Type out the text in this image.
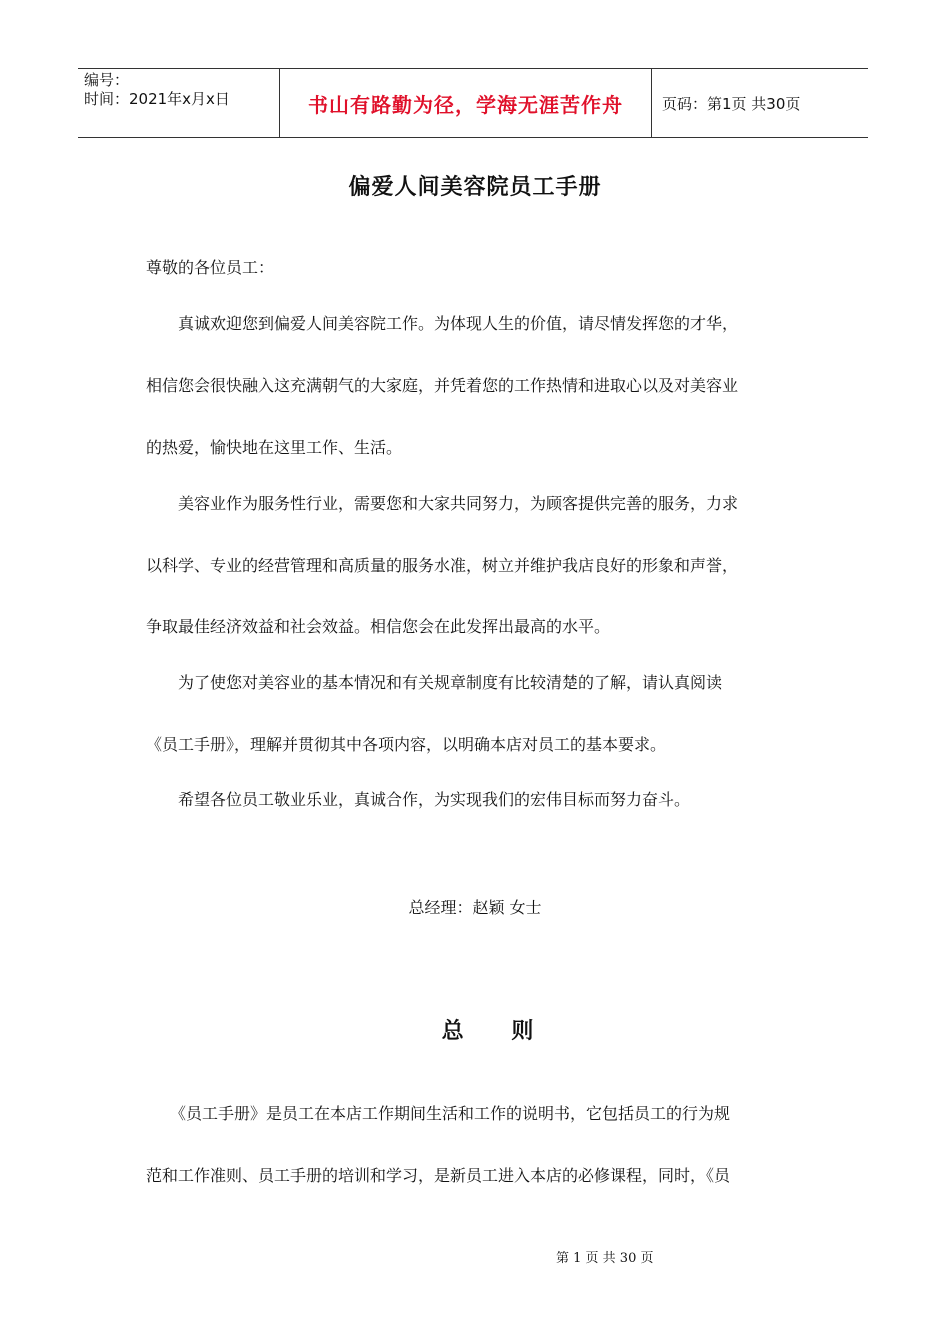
编号：
时间：2021年x月x日	书山有路勤为径，学海无涯苦作舟	页码：第1页 共30页
偏爱人间美容院员工手册
尊敬的各位员工：
　　真诚欢迎您到偏爱人间美容院工作。为体现人生的价值，请尽情发挥您的才华，
相信您会很快融入这充满朝气的大家庭，并凭着您的工作热情和进取心以及对美容业
的热爱，愉快地在这里工作、生活。
　　美容业作为服务性行业，需要您和大家共同努力，为顾客提供完善的服务，力求
以科学、专业的经营管理和高质量的服务水准，树立并维护我店良好的形象和声誉，
争取最佳经济效益和社会效益。相信您会在此发挥出最高的水平。
　　为了使您对美容业的基本情况和有关规章制度有比较清楚的了解，请认真阅读
《员工手册》，理解并贯彻其中各项内容，以明确本店对员工的基本要求。
　　希望各位员工敬业乐业，真诚合作，为实现我们的宏伟目标而努力奋斗。
总经理：赵颖 女士
总 则
　　《员工手册》是员工在本店工作期间生活和工作的说明书，它包括员工的行为规
范和工作准则、员工手册的培训和学习，是新员工进入本店的必修课程，同时，《员
第 1 页 共 30 页
